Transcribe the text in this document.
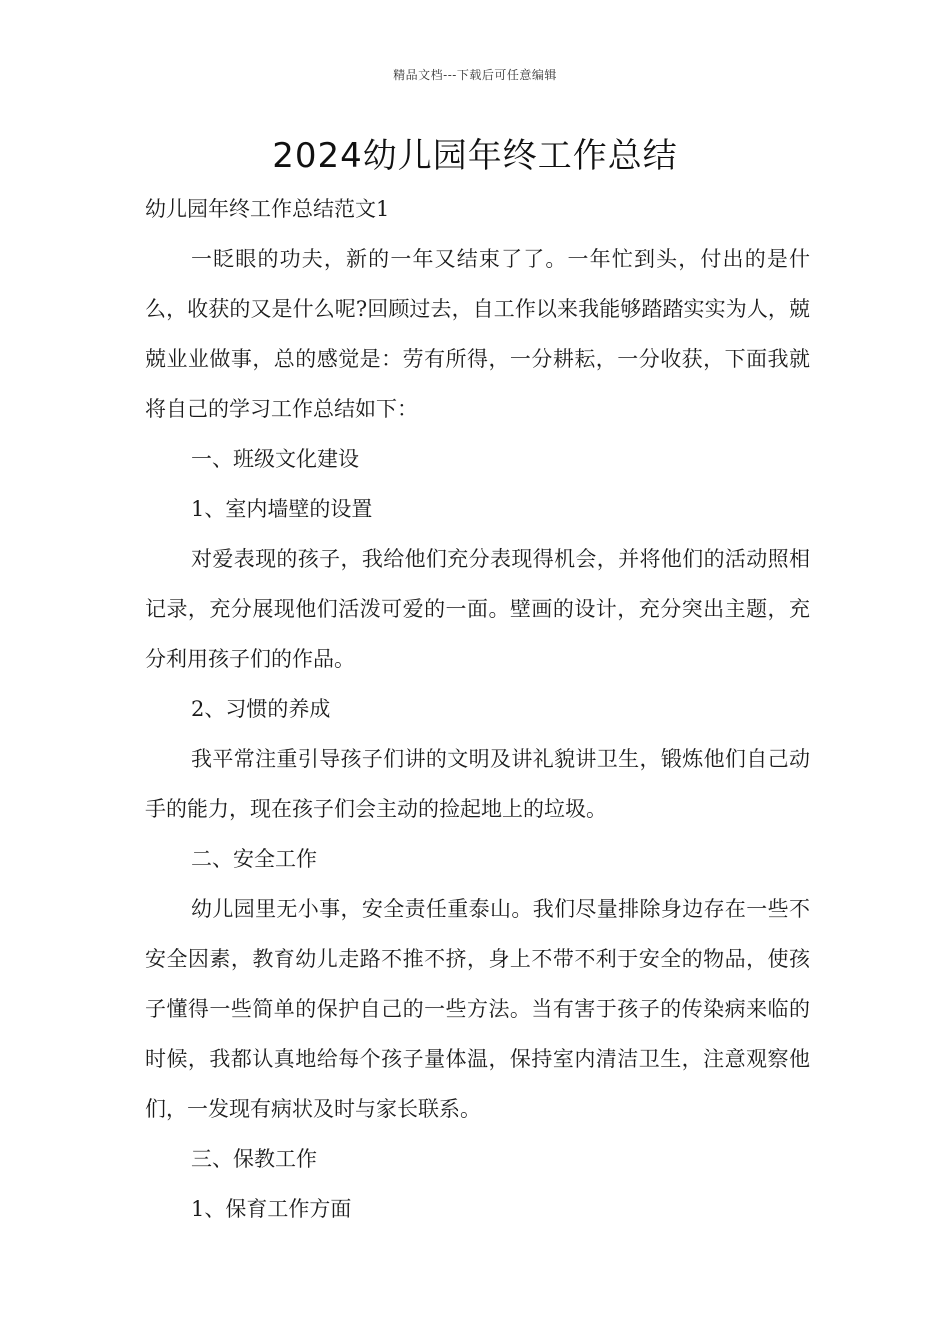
精品文档---下载后可任意编辑
2024幼儿园年终工作总结

幼儿园年终工作总结范文1

一眨眼的功夫，新的一年又结束了了。一年忙到头，付出的是什么，收获的又是什么呢?回顾过去，自工作以来我能够踏踏实实为人，兢兢业业做事，总的感觉是：劳有所得，一分耕耘，一分收获，下面我就将自己的学习工作总结如下：

一、班级文化建设

1、室内墙壁的设置

对爱表现的孩子，我给他们充分表现得机会，并将他们的活动照相记录，充分展现他们活泼可爱的一面。壁画的设计，充分突出主题，充分利用孩子们的作品。

2、习惯的养成

我平常注重引导孩子们讲的文明及讲礼貌讲卫生，锻炼他们自己动手的能力，现在孩子们会主动的捡起地上的垃圾。

二、安全工作

幼儿园里无小事，安全责任重泰山。我们尽量排除身边存在一些不安全因素，教育幼儿走路不推不挤，身上不带不利于安全的物品，使孩子懂得一些简单的保护自己的一些方法。当有害于孩子的传染病来临的时候，我都认真地给每个孩子量体温，保持室内清洁卫生，注意观察他们，一发现有病状及时与家长联系。

三、保教工作

1、保育工作方面
